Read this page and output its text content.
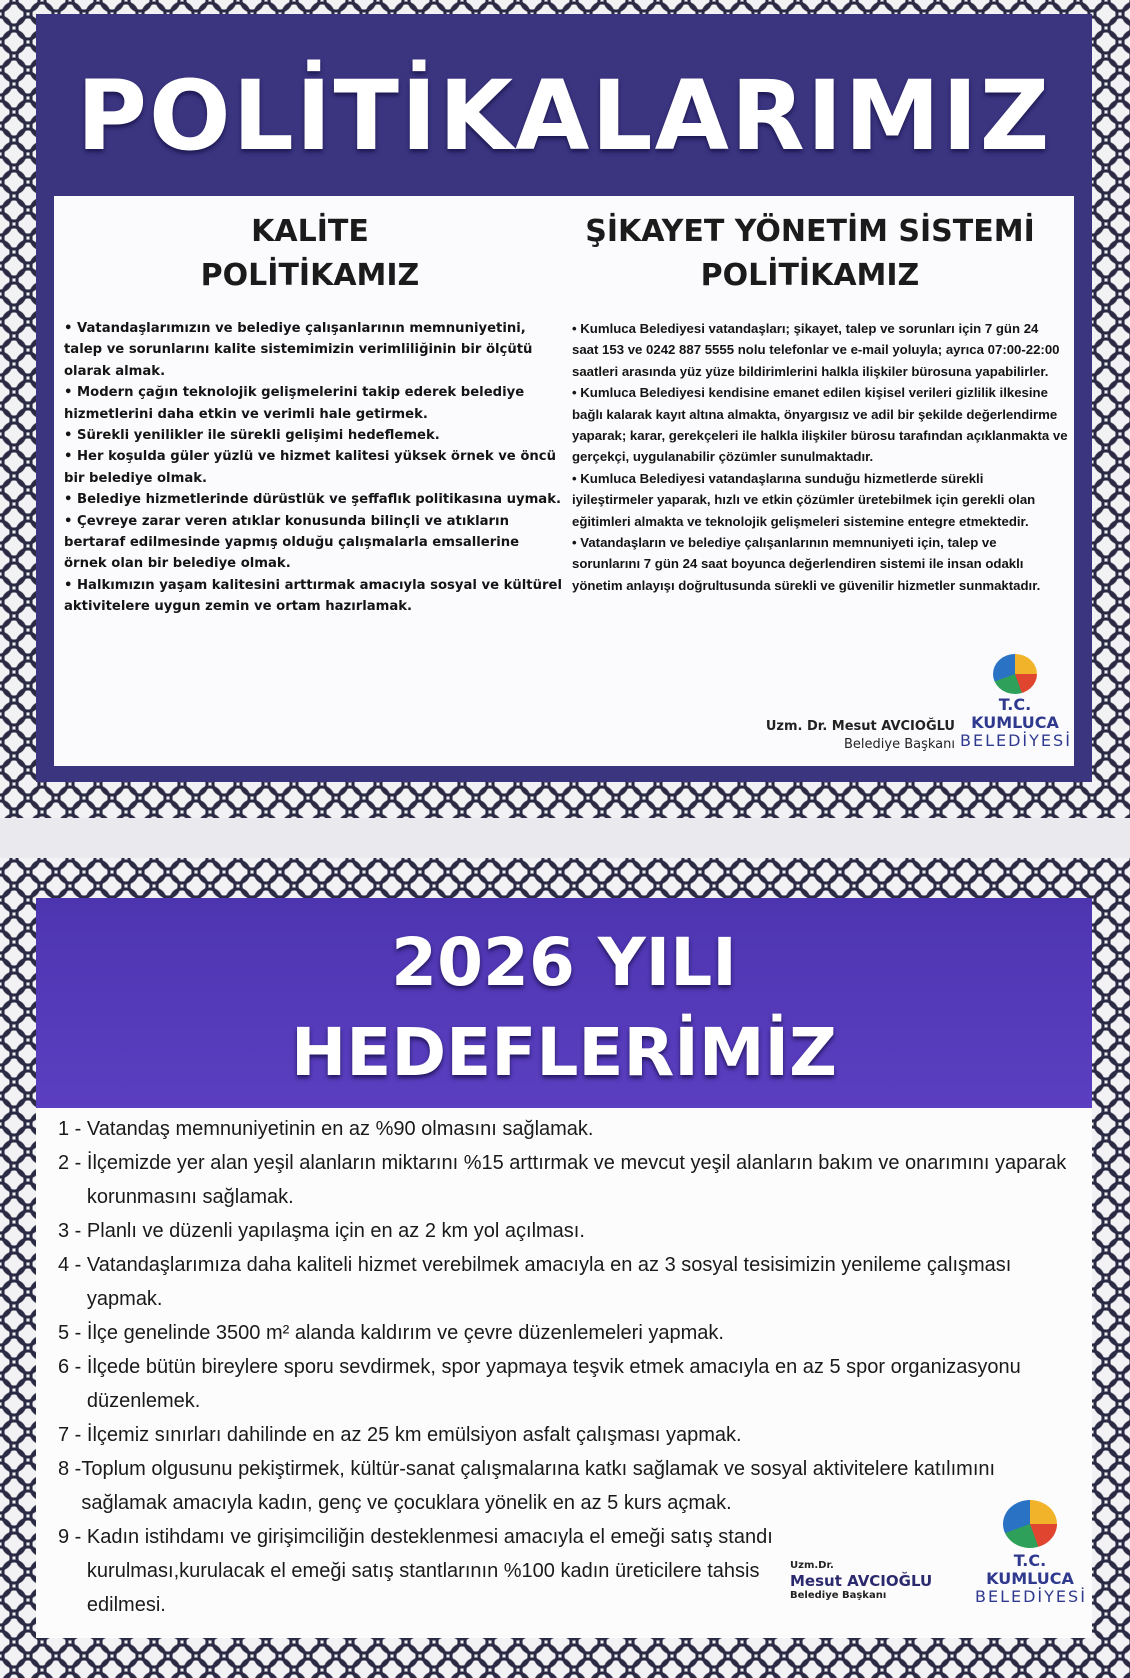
POLİTİKALARIMIZ
KALİTE
POLİTİKAMIZ

• Vatandaşlarımızın ve belediye çalışanlarının memnuniyetini, talep ve sorunlarını kalite sistemimizin verimliliğinin bir ölçütü olarak almak.

• Modern çağın teknolojik gelişmelerini takip ederek belediye hizmetlerini daha etkin ve verimli hale getirmek.

• Sürekli yenilikler ile sürekli gelişimi hedeflemek.

• Her koşulda güler yüzlü ve hizmet kalitesi yüksek örnek ve öncü bir belediye olmak.

• Belediye hizmetlerinde dürüstlük ve şeffaflık politikasına uymak.

• Çevreye zarar veren atıklar konusunda bilinçli ve atıkların bertaraf edilmesinde yapmış olduğu çalışmalarla emsallerine örnek olan bir belediye olmak.

• Halkımızın yaşam kalitesini arttırmak amacıyla sosyal ve kültürel aktivitelere uygun zemin ve ortam hazırlamak.

ŞİKAYET YÖNETİM SİSTEMİ
POLİTİKAMIZ

• Kumluca Belediyesi vatandaşları; şikayet, talep ve sorunları için 7 gün 24 saat 153 ve 0242 887 5555 nolu telefonlar ve e-mail yoluyla; ayrıca 07:00-22:00 saatleri arasında yüz yüze bildirimlerini halkla ilişkiler bürosuna yapabilirler.

• Kumluca Belediyesi kendisine emanet edilen kişisel verileri gizlilik ilkesine bağlı kalarak kayıt altına almakta, önyargısız ve adil bir şekilde değerlendirme yaparak; karar, gerekçeleri ile halkla ilişkiler bürosu tarafından açıklanmakta ve gerçekçi, uygulanabilir çözümler sunulmaktadır.

• Kumluca Belediyesi vatandaşlarına sunduğu hizmetlerde sürekli iyileştirmeler yaparak, hızlı ve etkin çözümler üretebilmek için gerekli olan eğitimleri almakta ve teknolojik gelişmeleri sistemine entegre etmektedir.

• Vatandaşların ve belediye çalışanlarının memnuniyeti için, talep ve sorunlarını 7 gün 24 saat boyunca değerlendiren sistemi ile insan odaklı yönetim anlayışı doğrultusunda sürekli ve güvenilir hizmetler sunmaktadır.

Uzm. Dr. Mesut AVCIOĞLU
Belediye Başkanı
T.C.
KUMLUCA
BELEDİYESİ
2026 YILI
HEDEFLERİMİZ
1 - Vatandaş memnuniyetinin en az %90 olmasını sağlamak.
2 - İlçemizde yer alan yeşil alanların miktarını %15 arttırmak ve mevcut yeşil alanların bakım ve onarımını yaparak korunmasını sağlamak.
3 - Planlı ve düzenli yapılaşma için en az 2 km yol açılması.
4 - Vatandaşlarımıza daha kaliteli hizmet verebilmek amacıyla en az 3 sosyal tesisimizin yenileme çalışması yapmak.
5 - İlçe genelinde 3500 m² alanda kaldırım ve çevre düzenlemeleri yapmak.
6 - İlçede bütün bireylere sporu sevdirmek, spor yapmaya teşvik etmek amacıyla en az 5 spor organizasyonu düzenlemek.
7 - İlçemiz sınırları dahilinde en az 25 km emülsiyon asfalt çalışması yapmak.
8 - Toplum olgusunu pekiştirmek, kültür-sanat çalışmalarına katkı sağlamak ve sosyal aktivitelere katılımını sağlamak amacıyla kadın, genç ve çocuklara yönelik en az 5 kurs açmak.
9 - Kadın istihdamı ve girişimciliğin desteklenmesi amacıyla el emeği satış standı kurulması,kurulacak el emeği satış stantlarının %100 kadın üreticilere tahsis edilmesi.
Uzm.Dr.
Mesut AVCIOĞLU
Belediye Başkanı
T.C.
KUMLUCA
BELEDİYESİ
